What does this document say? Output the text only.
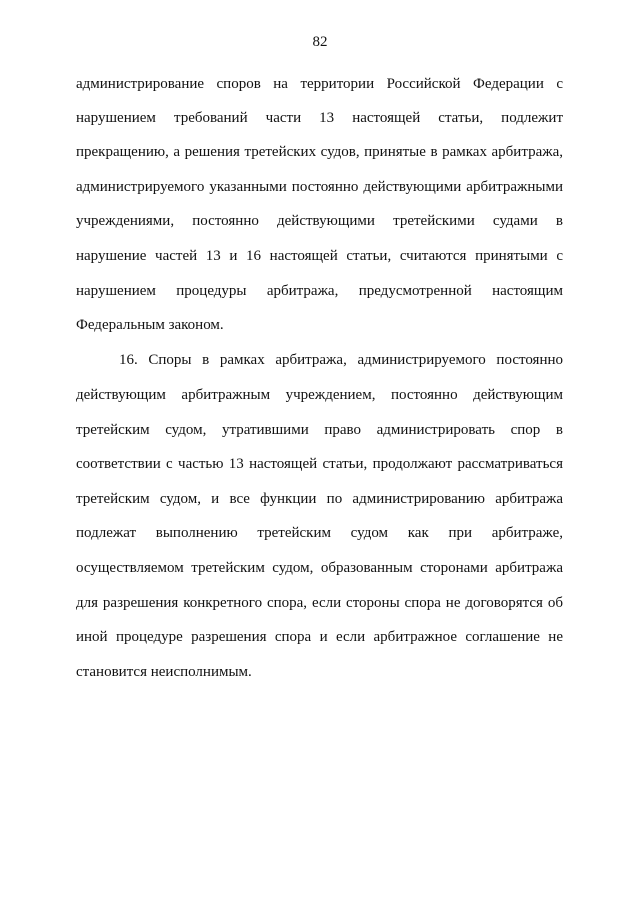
82
администрирование споров на территории Российской Федерации с
нарушением требований части 13 настоящей статьи, подлежит
прекращению, а решения третейских судов, принятые в рамках арбитража,
администрируемого указанными постоянно действующими арбитражными
учреждениями, постоянно действующими третейскими судами в
нарушение частей 13 и 16 настоящей статьи, считаются принятыми с
нарушением процедуры арбитража, предусмотренной настоящим
Федеральным законом.
16. Споры в рамках арбитража, администрируемого постоянно
действующим арбитражным учреждением, постоянно действующим
третейским судом, утратившими право администрировать спор в
соответствии с частью 13 настоящей статьи, продолжают рассматриваться
третейским судом, и все функции по администрированию арбитража
подлежат выполнению третейским судом как при арбитраже,
осуществляемом третейским судом, образованным сторонами арбитража
для разрешения конкретного спора, если стороны спора не договорятся об
иной процедуре разрешения спора и если арбитражное соглашение не
становится неисполнимым.
